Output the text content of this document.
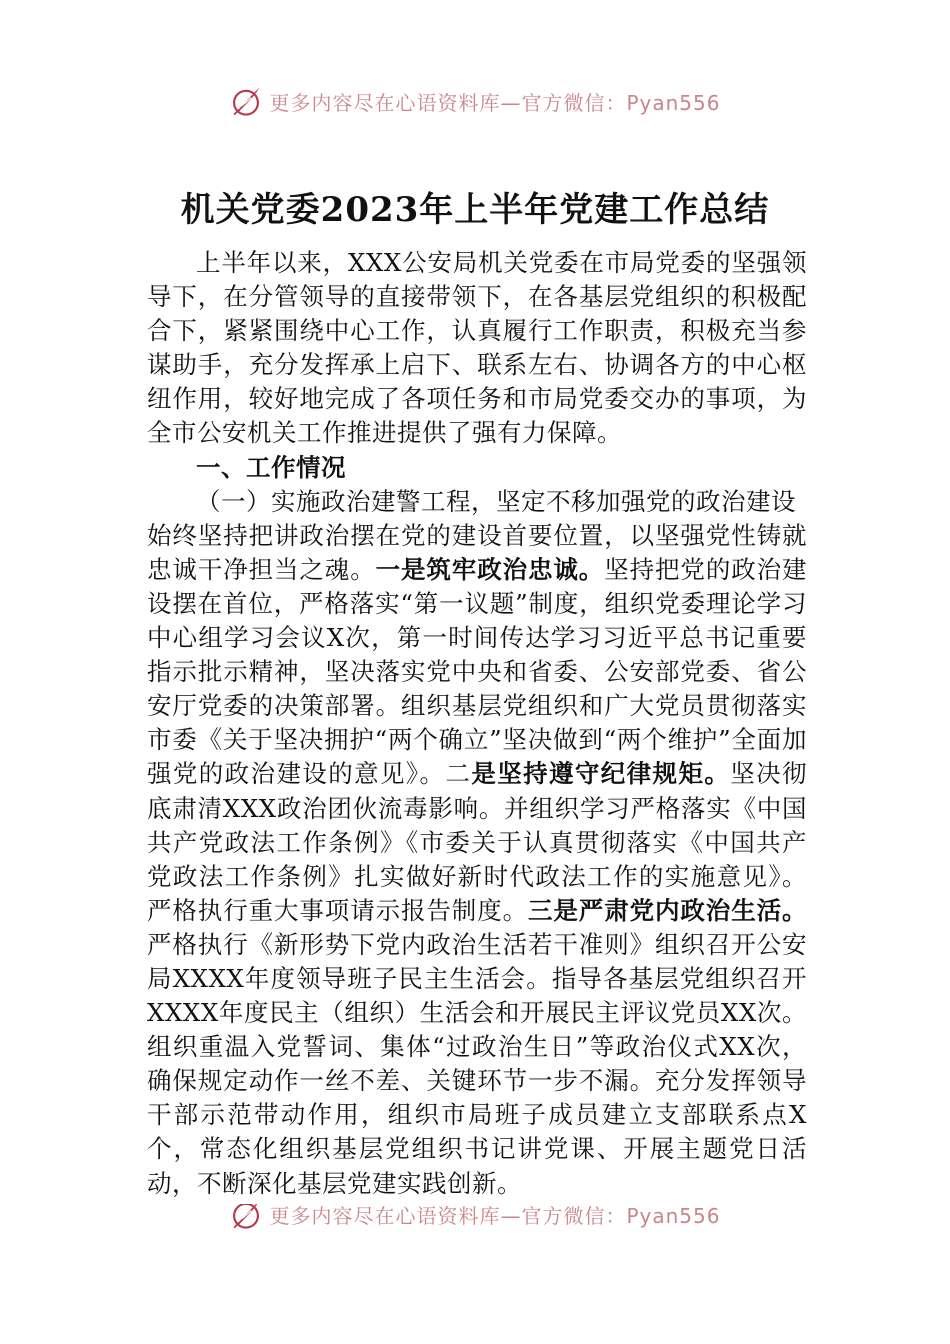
更多内容尽在心语资料库—官方微信：Pyan556
机关党委2023年上半年党建工作总结

上半年以来，XXX公安局机关党委在市局党委的坚强领导下，在分管领导的直接带领下，在各基层党组织的积极配合下，紧紧围绕中心工作，认真履行工作职责，积极充当参谋助手，充分发挥承上启下、联系左右、协调各方的中心枢纽作用，较好地完成了各项任务和市局党委交办的事项，为全市公安机关工作推进提供了强有力保障。

一、工作情况

（一）实施政治建警工程，坚定不移加强党的政治建设

始终坚持把讲政治摆在党的建设首要位置，以坚强党性铸就忠诚干净担当之魂。一是筑牢政治忠诚。坚持把党的政治建设摆在首位，严格落实“第一议题”制度，组织党委理论学习中心组学习会议X次，第一时间传达学习习近平总书记重要指示批示精神，坚决落实党中央和省委、公安部党委、省公安厅党委的决策部署。组织基层党组织和广大党员贯彻落实市委《关于坚决拥护“两个确立”坚决做到“两个维护”全面加强党的政治建设的意见》。二是坚持遵守纪律规矩。坚决彻底肃清XXX政治团伙流毒影响。并组织学习严格落实《中国共产党政法工作条例》《市委关于认真贯彻落实《中国共产党政法工作条例》扎实做好新时代政法工作的实施意见》。严格执行重大事项请示报告制度。三是严肃党内政治生活。严格执行《新形势下党内政治生活若干准则》组织召开公安局XXXX年度领导班子民主生活会。指导各基层党组织召开XXXX年度民主（组织）生活会和开展民主评议党员XX次。组织重温入党誓词、集体“过政治生日”等政治仪式XX次，确保规定动作一丝不差、关键环节一步不漏。充分发挥领导干部示范带动作用，组织市局班子成员建立支部联系点X个，常态化组织基层党组织书记讲党课、开展主题党日活动，不断深化基层党建实践创新。

更多内容尽在心语资料库—官方微信：Pyan556
